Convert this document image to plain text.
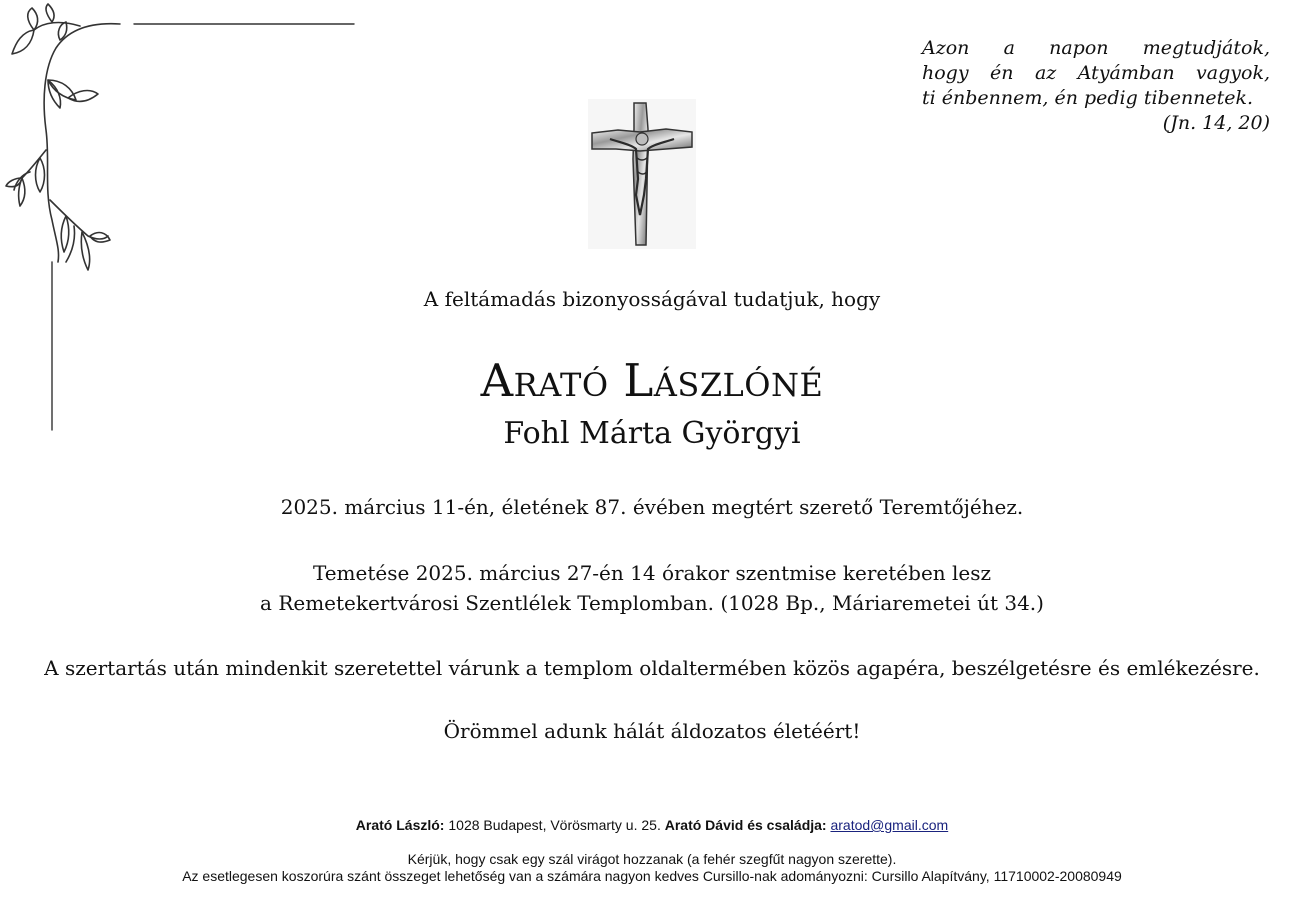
Azon a napon megtudjátok,
hogy én az Atyámban vagyok,
ti énbennem, én pedig tibennetek.
(Jn. 14, 20)
A feltámadás bizonyosságával tudatjuk, hogy
Arató Lászlóné
Fohl Márta Györgyi
2025. március 11-én, életének 87. évében megtért szerető Teremtőjéhez.
Temetése 2025. március 27-én 14 órakor szentmise keretében lesz
a Remetekertvárosi Szentlélek Templomban. (1028 Bp., Máriaremetei út 34.)
A szertartás után mindenkit szeretettel várunk a templom oldaltermében közös agapéra, beszélgetésre és emlékezésre.
Örömmel adunk hálát áldozatos életéért!
Arató László: 1028 Budapest, Vörösmarty u. 25. Arató Dávid és családja: aratod@gmail.com
Kérjük, hogy csak egy szál virágot hozzanak (a fehér szegfűt nagyon szerette).
Az esetlegesen koszorúra szánt összeget lehetőség van a számára nagyon kedves Cursillo-nak adományozni: Cursillo Alapítvány, 11710002-20080949
